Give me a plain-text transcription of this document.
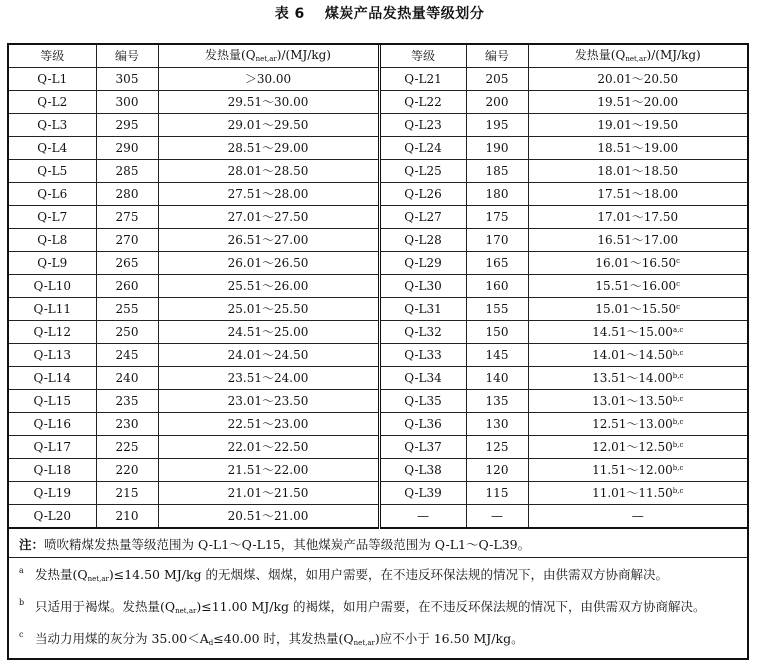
表 6 煤炭产品发热量等级划分
等级	编号	发热量$(Q_{net,ar})/(MJ/kg)$	等级	编号	发热量$(Q_{net,ar})/(MJ/kg)$
Q-L1	305	＞30.00	Q-L21	205	20.01～20.50
Q-L2	300	29.51～30.00	Q-L22	200	19.51～20.00
Q-L3	295	29.01～29.50	Q-L23	195	19.01～19.50
Q-L4	290	28.51～29.00	Q-L24	190	18.51～19.00
Q-L5	285	28.01～28.50	Q-L25	185	18.01～18.50
Q-L6	280	27.51～28.00	Q-L26	180	17.51～18.00
Q-L7	275	27.01～27.50	Q-L27	175	17.01～17.50
Q-L8	270	26.51～27.00	Q-L28	170	16.51～17.00
Q-L9	265	26.01～26.50	Q-L29	165	16.01～16.50$^c$
Q-L10	260	25.51～26.00	Q-L30	160	15.51～16.00$^c$
Q-L11	255	25.01～25.50	Q-L31	155	15.01～15.50$^c$
Q-L12	250	24.51～25.00	Q-L32	150	14.51～15.00$^{a,c}$
Q-L13	245	24.01～24.50	Q-L33	145	14.01～14.50$^{b,c}$
Q-L14	240	23.51～24.00	Q-L34	140	13.51～14.00$^{b,c}$
Q-L15	235	23.01～23.50	Q-L35	135	13.01～13.50$^{b,c}$
Q-L16	230	22.51～23.00	Q-L36	130	12.51～13.00$^{b,c}$
Q-L17	225	22.01～22.50	Q-L37	125	12.01～12.50$^{b,c}$
Q-L18	220	21.51～22.00	Q-L38	120	11.51～12.00$^{b,c}$
Q-L19	215	21.01～21.50	Q-L39	115	11.01～11.50$^{b,c}$
Q-L20	210	20.51～21.00	—	—	—
注：喷吹精煤发热量等级范围为 Q-L1～Q-L15，其他煤炭产品等级范围为 Q-L1～Q-L39。
a 发热量$(Q_{net,ar})\le 14.50$ MJ/kg 的无烟煤、烟煤，如用户需要，在不违反环保法规的情况下，由供需双方协商解决。
b 只适用于褐煤。发热量$(Q_{net,ar})\le 11.00$ MJ/kg 的褐煤，如用户需要，在不违反环保法规的情况下，由供需双方协商解决。
c 当动力用煤的灰分为 $35.00<A_d\le 40.00$ 时，其发热量$(Q_{net,ar})$应不小于 16.50 MJ/kg。
